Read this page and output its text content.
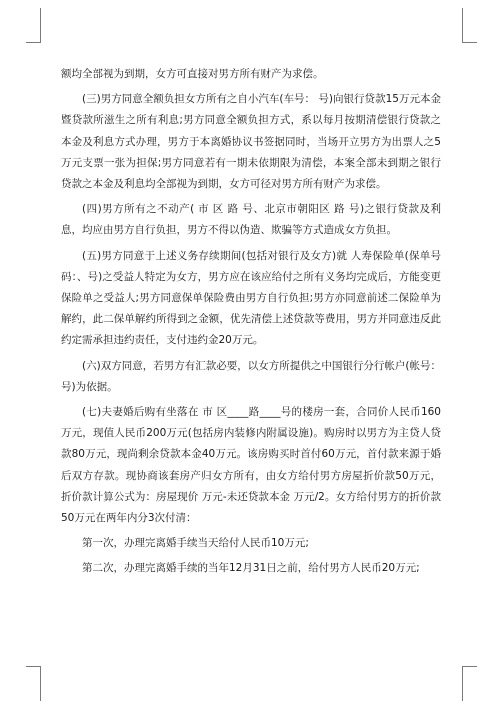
额均全部视为到期，女方可直接对男方所有财产为求偿。

(三)男方同意全额负担女方所有之自小汽车(车号： 号)向银行贷款15万元本金暨贷款所滋生之所有利息;男方同意全额负担方式，系以每月按期清偿银行贷款之本金及利息方式办理，男方于本离婚协议书签据同时，当场开立男方为出票人之5万元支票一张为担保;男方同意若有一期未依期限为清偿，本案全部未到期之银行贷款之本金及利息均全部视为到期，女方可径对男方所有财产为求偿。

(四)男方所有之不动产( 市 区 路 号、北京市朝阳区 路 号)之银行贷款及利息，均应由男方自行负担，男方不得以伪造、欺骗等方式造成女方负担。

(五)男方同意于上述义务存续期间(包括对银行及女方)就 人寿保险单(保单号码：、号)之受益人特定为女方，男方应在该应给付之所有义务均完成后，方能变更保险单之受益人;男方同意保单保险费由男方自行负担;男方亦同意前述二保险单为解约，此二保单解约所得到之金额，优先清偿上述贷款等费用，男方并同意违反此约定需承担违约责任，支付违约金20万元。

(六)双方同意，若男方有汇款必要，以女方所提供之中国银行分行帐户(帐号：号)为依据。

(七)夫妻婚后购有坐落在 市 区____路____号的楼房一套，合同价人民币160万元，现值人民币200万元(包括房内装修内附属设施)。购房时以男方为主贷人贷款80万元，现尚剩余贷款本金40万元。该房购买时首付60万元，首付款来源于婚后双方存款。现协商该套房产归女方所有，由女方给付男方房屋折价款50万元，折价款计算公式为：房屋现价 万元-未还贷款本金 万元/2。女方给付男方的折价款50万元在两年内分3次付清：

第一次，办理完离婚手续当天给付人民币10万元;

第二次，办理完离婚手续的当年12月31日之前，给付男方人民币20万元;
